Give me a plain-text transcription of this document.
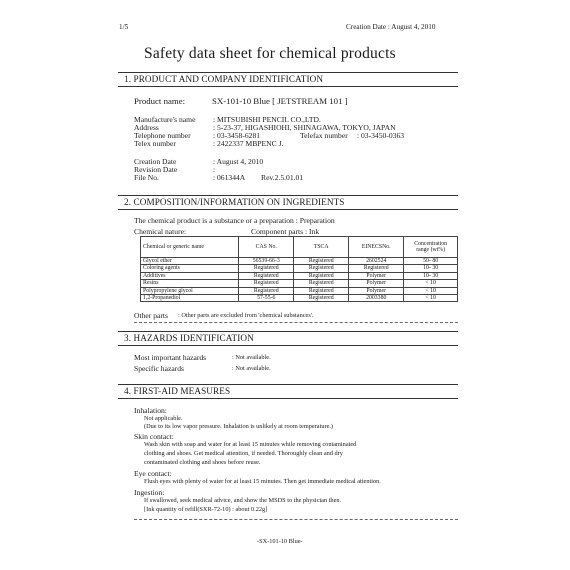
1/5	Creation Date : August 4, 2010
Safety data sheet for chemical products
1. PRODUCT AND COMPANY IDENTIFICATION
Product name:	SX-101-10 Blue [ JETSTREAM 101 ]
Manufacture's name : MITSUBISHI PENCIL CO.,LTD.
Address	: 5-23-37, HIGASHIOHI, SHINAGAWA, TOKYO, JAPAN
Telephone number	: 03-3458-6281	Telefax number : 03-3450-0363
Telex number	: 2422337 MBPENC J.
Creation Date	: August 4, 2010
Revision Date	:
File No.	: 061344A Rev.2.5.01.01
2. COMPOSITION/INFORMATION ON INGREDIENTS
The chemical product is a substance or a preparation : Preparation
Chemical nature:	Component parts : Ink
Chemical or generic name	CAS No.	TSCA	EINECSNo.	Concentration
range (wt%)
Glycol ether	56539-66-3	Registered	2602524	50- 80
Coloring agents	Registered	Registered	Registered	10- 30
Additives	Registered	Registered	Polymer	10- 30
Resins	Registered	Registered	Polymer	< 10
Polypropylene glycol	Registered	Registered	Polymer	< 10
1,2-Propanediol	57-55-6	Registered	2003380	< 10
Other parts : Other parts are excluded from 'chemical substances'.
3. HAZARDS IDENTIFICATION
Most important hazards	: Not available.
Specific hazards	: Not available.
4. FIRST-AID MEASURES
Inhalation:
Not applicable.
(Due to its low vapor pressure. Inhalation is unlikely at room temperature.)
Skin contact:
Wash skin with soap and water for at least 15 minutes while removing contaminated
clothing and shoes. Get medical attention, if needed. Thoroughly clean and dry
contaminated clothing and shoes before reuse.
Eye contact:
Flush eyes with plenty of water for at least 15 minutes. Then get immediate medical attention.
Ingestion:
If swallowed, seek medical advice, and show the MSDS to the physician then.
[Ink quantity of refill(SXR-72-10) : about 0.22g]
-SX-101-10 Blue-
